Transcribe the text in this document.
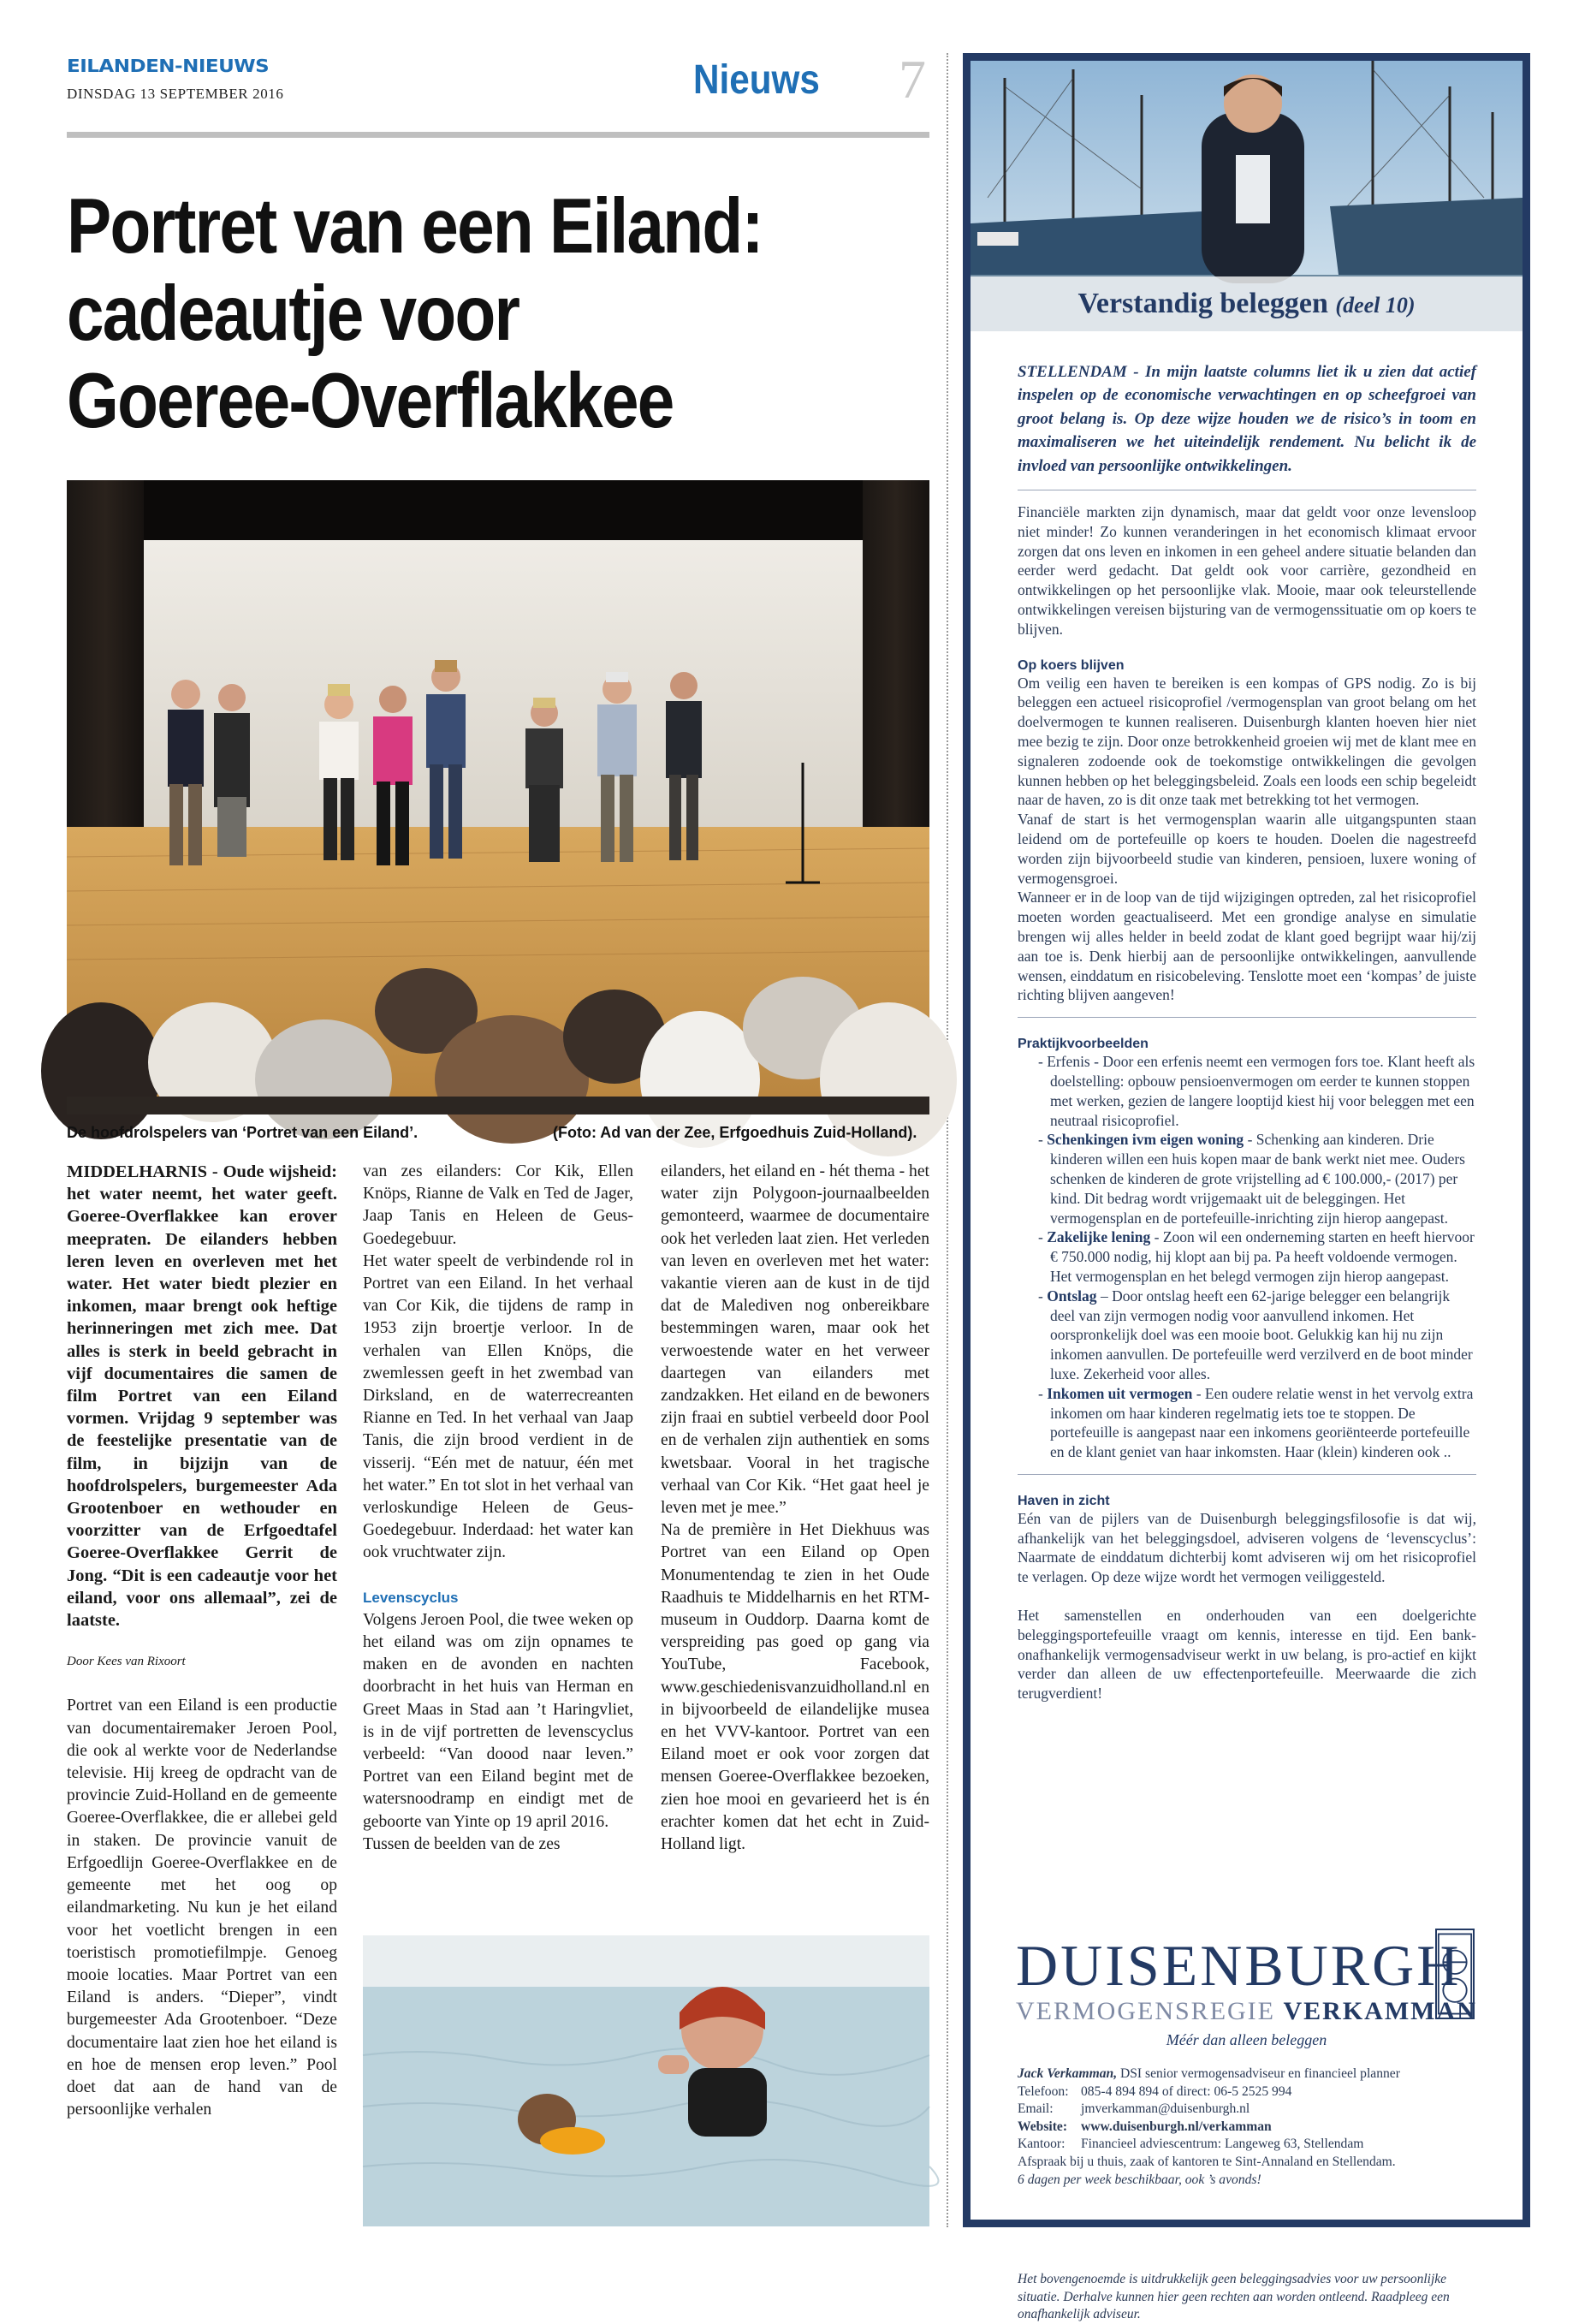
EILANDEN-NIEUWS
DINSDAG 13 SEPTEMBER 2016	Nieuws 7
Portret van een Eiland:
cadeautje voor
Goeree-Overflakkee
De hoofdrolspelers van ‘Portret van een Eiland’.	(Foto: Ad van der Zee, Erfgoedhuis Zuid-Holland).

MIDDELHARNIS - Oude wijsheid: het water neemt, het water geeft. Goeree-Overflakkee kan erover meepraten. De eilanders hebben leren leven en overleven met het water. Het water biedt plezier en inkomen, maar brengt ook heftige herinneringen met zich mee. Dat alles is sterk in beeld gebracht in vijf documentaires die samen de film Portret van een Eiland vormen. Vrijdag 9 september was de feestelijke presentatie van de film, in bijzijn van de hoofdrolspelers, burgemeester Ada Grootenboer en wethouder en voorzitter van de Erfgoedtafel Goeree-Overflakkee Gerrit de Jong. “Dit is een cadeautje voor het eiland, voor ons allemaal”, zei de laatste.

Door Kees van Rixoort

Portret van een Eiland is een productie van documentairemaker Jeroen Pool, die ook al werkte voor de Nederlandse televisie. Hij kreeg de opdracht van de provincie Zuid-Holland en de gemeente Goeree-Overflakkee, die er allebei geld in staken. De provincie vanuit de Erfgoedlijn Goeree-Overflakkee en de gemeente met het oog op eilandmarketing. Nu kun je het eiland voor het voetlicht brengen in een toeristisch promotiefilmpje. Genoeg mooie locaties. Maar Portret van een Eiland is anders. “Dieper”, vindt burgemeester Ada Grootenboer. “Deze documentaire laat zien hoe het eiland is en hoe de mensen erop leven.” Pool doet dat aan de hand van de persoonlijke verhalen

van zes eilanders: Cor Kik, Ellen Knöps, Rianne de Valk en Ted de Jager, Jaap Tanis en Heleen de Geus-Goedegebuur.

Het water speelt de verbindende rol in Portret van een Eiland. In het verhaal van Cor Kik, die tijdens de ramp in 1953 zijn broertje verloor. In de verhalen van Ellen Knöps, die zwemlessen geeft in het zwembad van Dirksland, en de waterrecreanten Rianne en Ted. In het verhaal van Jaap Tanis, die zijn brood verdient in de visserij. “Eén met de natuur, één met het water.” En tot slot in het verhaal van verloskundige Heleen de Geus-Goedegebuur. Inderdaad: het water kan ook vruchtwater zijn.

Levenscyclus

Volgens Jeroen Pool, die twee weken op het eiland was om zijn opnames te maken en de avonden en nachten doorbracht in het huis van Herman en Greet Maas in Stad aan ’t Haringvliet, is in de vijf portretten de levenscyclus verbeeld: “Van doood naar leven.” Portret van een Eiland begint met de watersnoodramp en eindigt met de geboorte van Yinte op 19 april 2016.

Tussen de beelden van de zes

eilanders, het eiland en - hét thema - het water zijn Polygoon-journaalbeelden gemonteerd, waarmee de documentaire ook het verleden laat zien. Het verleden van leven en overleven met het water: vakantie vieren aan de kust in de tijd dat de Malediven nog onbereikbare bestemmingen waren, maar ook het verwoestende water en het verweer daartegen van eilanders met zandzakken. Het eiland en de bewoners zijn fraai en subtiel verbeeld door Pool en de verhalen zijn authentiek en soms kwetsbaar. Vooral in het tragische verhaal van Cor Kik. “Het gaat heel je leven met je mee.”

Na de première in Het Diekhuus was Portret van een Eiland op Open Monumentendag te zien in het Oude Raadhuis te Middelharnis en het RTM-museum in Ouddorp. Daarna komt de verspreiding pas goed op gang via YouTube, Facebook, www.geschiedenisvanzuidholland.nl en in bijvoorbeeld de eilandelijke musea en het VVV-kantoor. Portret van een Eiland moet er ook voor zorgen dat mensen Goeree-Overflakkee bezoeken, zien hoe mooi en gevarieerd het is én erachter komen dat het echt in Zuid-Holland ligt.

Verstandig beleggen (deel 10)

STELLENDAM - In mijn laatste columns liet ik u zien dat actief inspelen op de economische verwachtingen en op scheefgroei van groot belang is. Op deze wijze houden we de risico’s in toom en maximaliseren we het uiteindelijk rendement. Nu belicht ik de invloed van persoonlijke ontwikkelingen.

Financiële markten zijn dynamisch, maar dat geldt voor onze levensloop niet minder! Zo kunnen veranderingen in het economisch klimaat ervoor zorgen dat ons leven en inkomen in een geheel andere situatie belanden dan eerder werd gedacht. Dat geldt ook voor carrière, gezondheid en ontwikkelingen op het persoonlijke vlak. Mooie, maar ook teleurstellende ontwikkelingen vereisen bijsturing van de vermogenssituatie om op koers te blijven.

Op koers blijven

Om veilig een haven te bereiken is een kompas of GPS nodig. Zo is bij beleggen een actueel risicoprofiel /vermogensplan van groot belang om het doelvermogen te kunnen realiseren. Duisenburgh klanten hoeven hier niet mee bezig te zijn. Door onze betrokkenheid groeien wij met de klant mee en signaleren zodoende ook de toekomstige ontwikkelingen die gevolgen kunnen hebben op het beleggingsbeleid. Zoals een loods een schip begeleidt naar de haven, zo is dit onze taak met betrekking tot het vermogen.

Vanaf de start is het vermogensplan waarin alle uitgangspunten staan leidend om de portefeuille op koers te houden. Doelen die nagestreefd worden zijn bijvoorbeeld studie van kinderen, pensioen, luxere woning of vermogensgroei.

Wanneer er in de loop van de tijd wijzigingen optreden, zal het risicoprofiel moeten worden geactualiseerd. Met een grondige analyse en simulatie brengen wij alles helder in beeld zodat de klant goed begrijpt waar hij/zij aan toe is. Denk hierbij aan de persoonlijke ontwikkelingen, aanvullende wensen, einddatum en risicobeleving. Tenslotte moet een ‘kompas’ de juiste richting blijven aangeven!

Praktijkvoorbeelden

- Erfenis - Door een erfenis neemt een vermogen fors toe. Klant heeft als doelstelling: opbouw pensioenvermogen om eerder te kunnen stoppen met werken, gezien de langere looptijd kiest hij voor beleggen met een neutraal risicoprofiel.
- Schenkingen ivm eigen woning - Schenking aan kinderen. Drie kinderen willen een huis kopen maar de bank werkt niet mee. Ouders schenken de kinderen de grote vrijstelling ad € 100.000,- (2017) per kind. Dit bedrag wordt vrijgemaakt uit de beleggingen. Het vermogensplan en de portefeuille-inrichting zijn hierop aangepast.
- Zakelijke lening - Zoon wil een onderneming starten en heeft hiervoor € 750.000 nodig, hij klopt aan bij pa. Pa heeft voldoende vermogen. Het vermogensplan en het belegd vermogen zijn hierop aangepast.
- Ontslag – Door ontslag heeft een 62-jarige belegger een belangrijk deel van zijn vermogen nodig voor aanvullend inkomen. Het oorspronkelijk doel was een mooie boot. Gelukkig kan hij nu zijn inkomen aanvullen. De portefeuille werd verzilverd en de boot minder luxe. Zekerheid voor alles.
- Inkomen uit vermogen - Een oudere relatie wenst in het vervolg extra inkomen om haar kinderen regelmatig iets toe te stoppen. De portefeuille is aangepast naar een inkomens georiënteerde portefeuille en de klant geniet van haar inkomsten. Haar (klein) kinderen ook ..

Haven in zicht

Eén van de pijlers van de Duisenburgh beleggingsfilosofie is dat wij, afhankelijk van het beleggingsdoel, adviseren volgens de ‘levenscyclus’: Naarmate de einddatum dichterbij komt adviseren wij om het risicoprofiel te verlagen. Op deze wijze wordt het vermogen veiliggesteld.

Het samenstellen en onderhouden van een doelgerichte beleggingsportefeuille vraagt om kennis, interesse en tijd. Een bank-onafhankelijk vermogensadviseur werkt in uw belang, is pro-actief en kijkt verder dan alleen de uw effectenportefeuille. Meerwaarde die zich terugverdient!

DUISENBURGH
VERMOGENSREGIE VERKAMMAN
Méér dan alleen beleggen
Jack Verkamman, DSI senior vermogensadviseur en financieel planner
Telefoon: 085-4 894 894 of direct: 06-5 2525 994
Email: jmverkamman@duisenburgh.nl
Website: www.duisenburgh.nl/verkamman
Kantoor: Financieel adviescentrum: Langeweg 63, Stellendam
Afspraak bij u thuis, zaak of kantoren te Sint-Annaland en Stellendam.
6 dagen per week beschikbaar, ook ’s avonds!
Het bovengenoemde is uitdrukkelijk geen beleggingsadvies voor uw persoonlijke situatie. Derhalve kunnen hier geen rechten aan worden ontleend. Raadpleeg een onafhankelijk adviseur.
